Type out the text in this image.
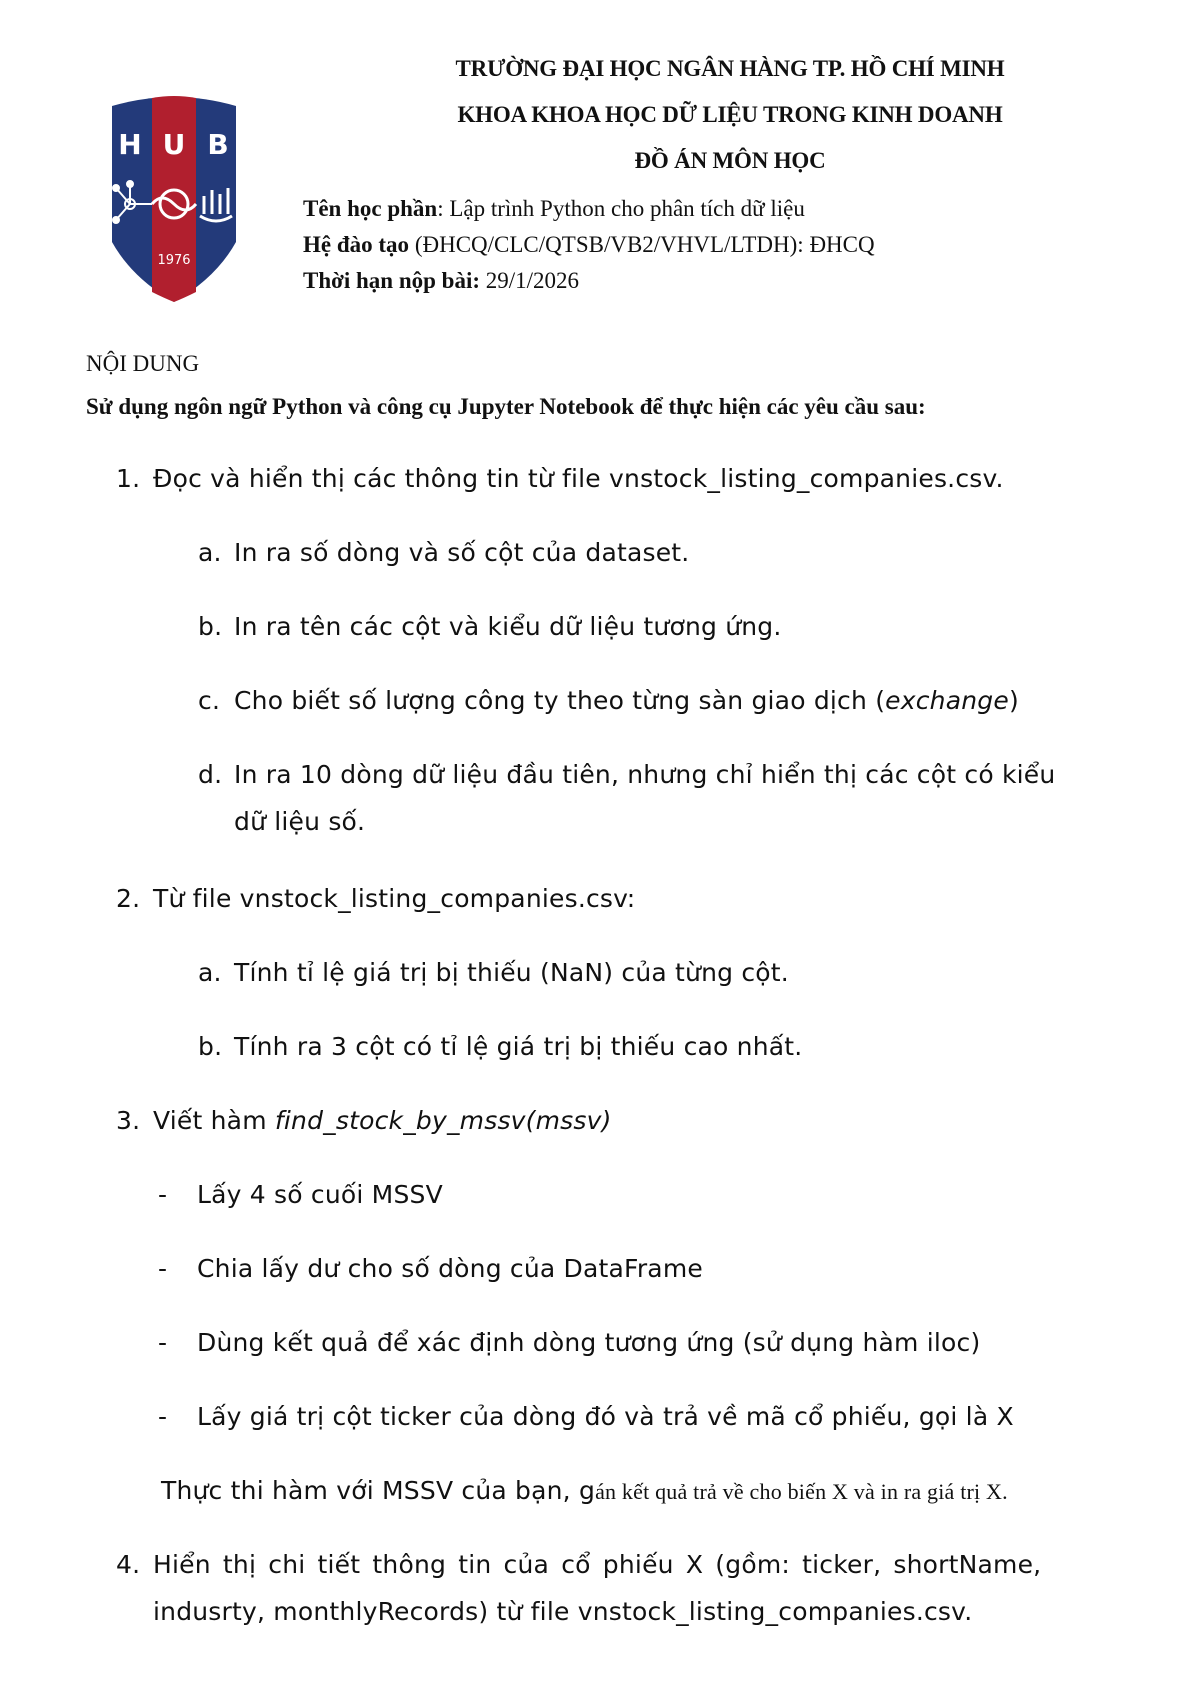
H U B
1976
TRƯỜNG ĐẠI HỌC NGÂN HÀNG TP. HỒ CHÍ MINH
KHOA KHOA HỌC DỮ LIỆU TRONG KINH DOANH
ĐỒ ÁN MÔN HỌC
Tên học phần: Lập trình Python cho phân tích dữ liệu
Hệ đào tạo (ĐHCQ/CLC/QTSB/VB2/VHVL/LTDH): ĐHCQ
Thời hạn nộp bài: 29/1/2026
NỘI DUNG
Sử dụng ngôn ngữ Python và công cụ Jupyter Notebook để thực hiện các yêu cầu sau:
1. Đọc và hiển thị các thông tin từ file vnstock_listing_companies.csv.
a. In ra số dòng và số cột của dataset.
b. In ra tên các cột và kiểu dữ liệu tương ứng.
c. Cho biết số lượng công ty theo từng sàn giao dịch (exchange)
d. In ra 10 dòng dữ liệu đầu tiên, nhưng chỉ hiển thị các cột có kiểu
dữ liệu số.
2. Từ file vnstock_listing_companies.csv:
a. Tính tỉ lệ giá trị bị thiếu (NaN) của từng cột.
b. Tính ra 3 cột có tỉ lệ giá trị bị thiếu cao nhất.
3. Viết hàm find_stock_by_mssv(mssv)
- Lấy 4 số cuối MSSV
- Chia lấy dư cho số dòng của DataFrame
- Dùng kết quả để xác định dòng tương ứng (sử dụng hàm iloc)
- Lấy giá trị cột ticker của dòng đó và trả về mã cổ phiếu, gọi là X
Thực thi hàm với MSSV của bạn, gán kết quả trả về cho biến X và in ra giá trị X.
4. Hiển thị chi tiết thông tin của cổ phiếu X (gồm: ticker, shortName,
indusrty, monthlyRecords) từ file vnstock_listing_companies.csv.
